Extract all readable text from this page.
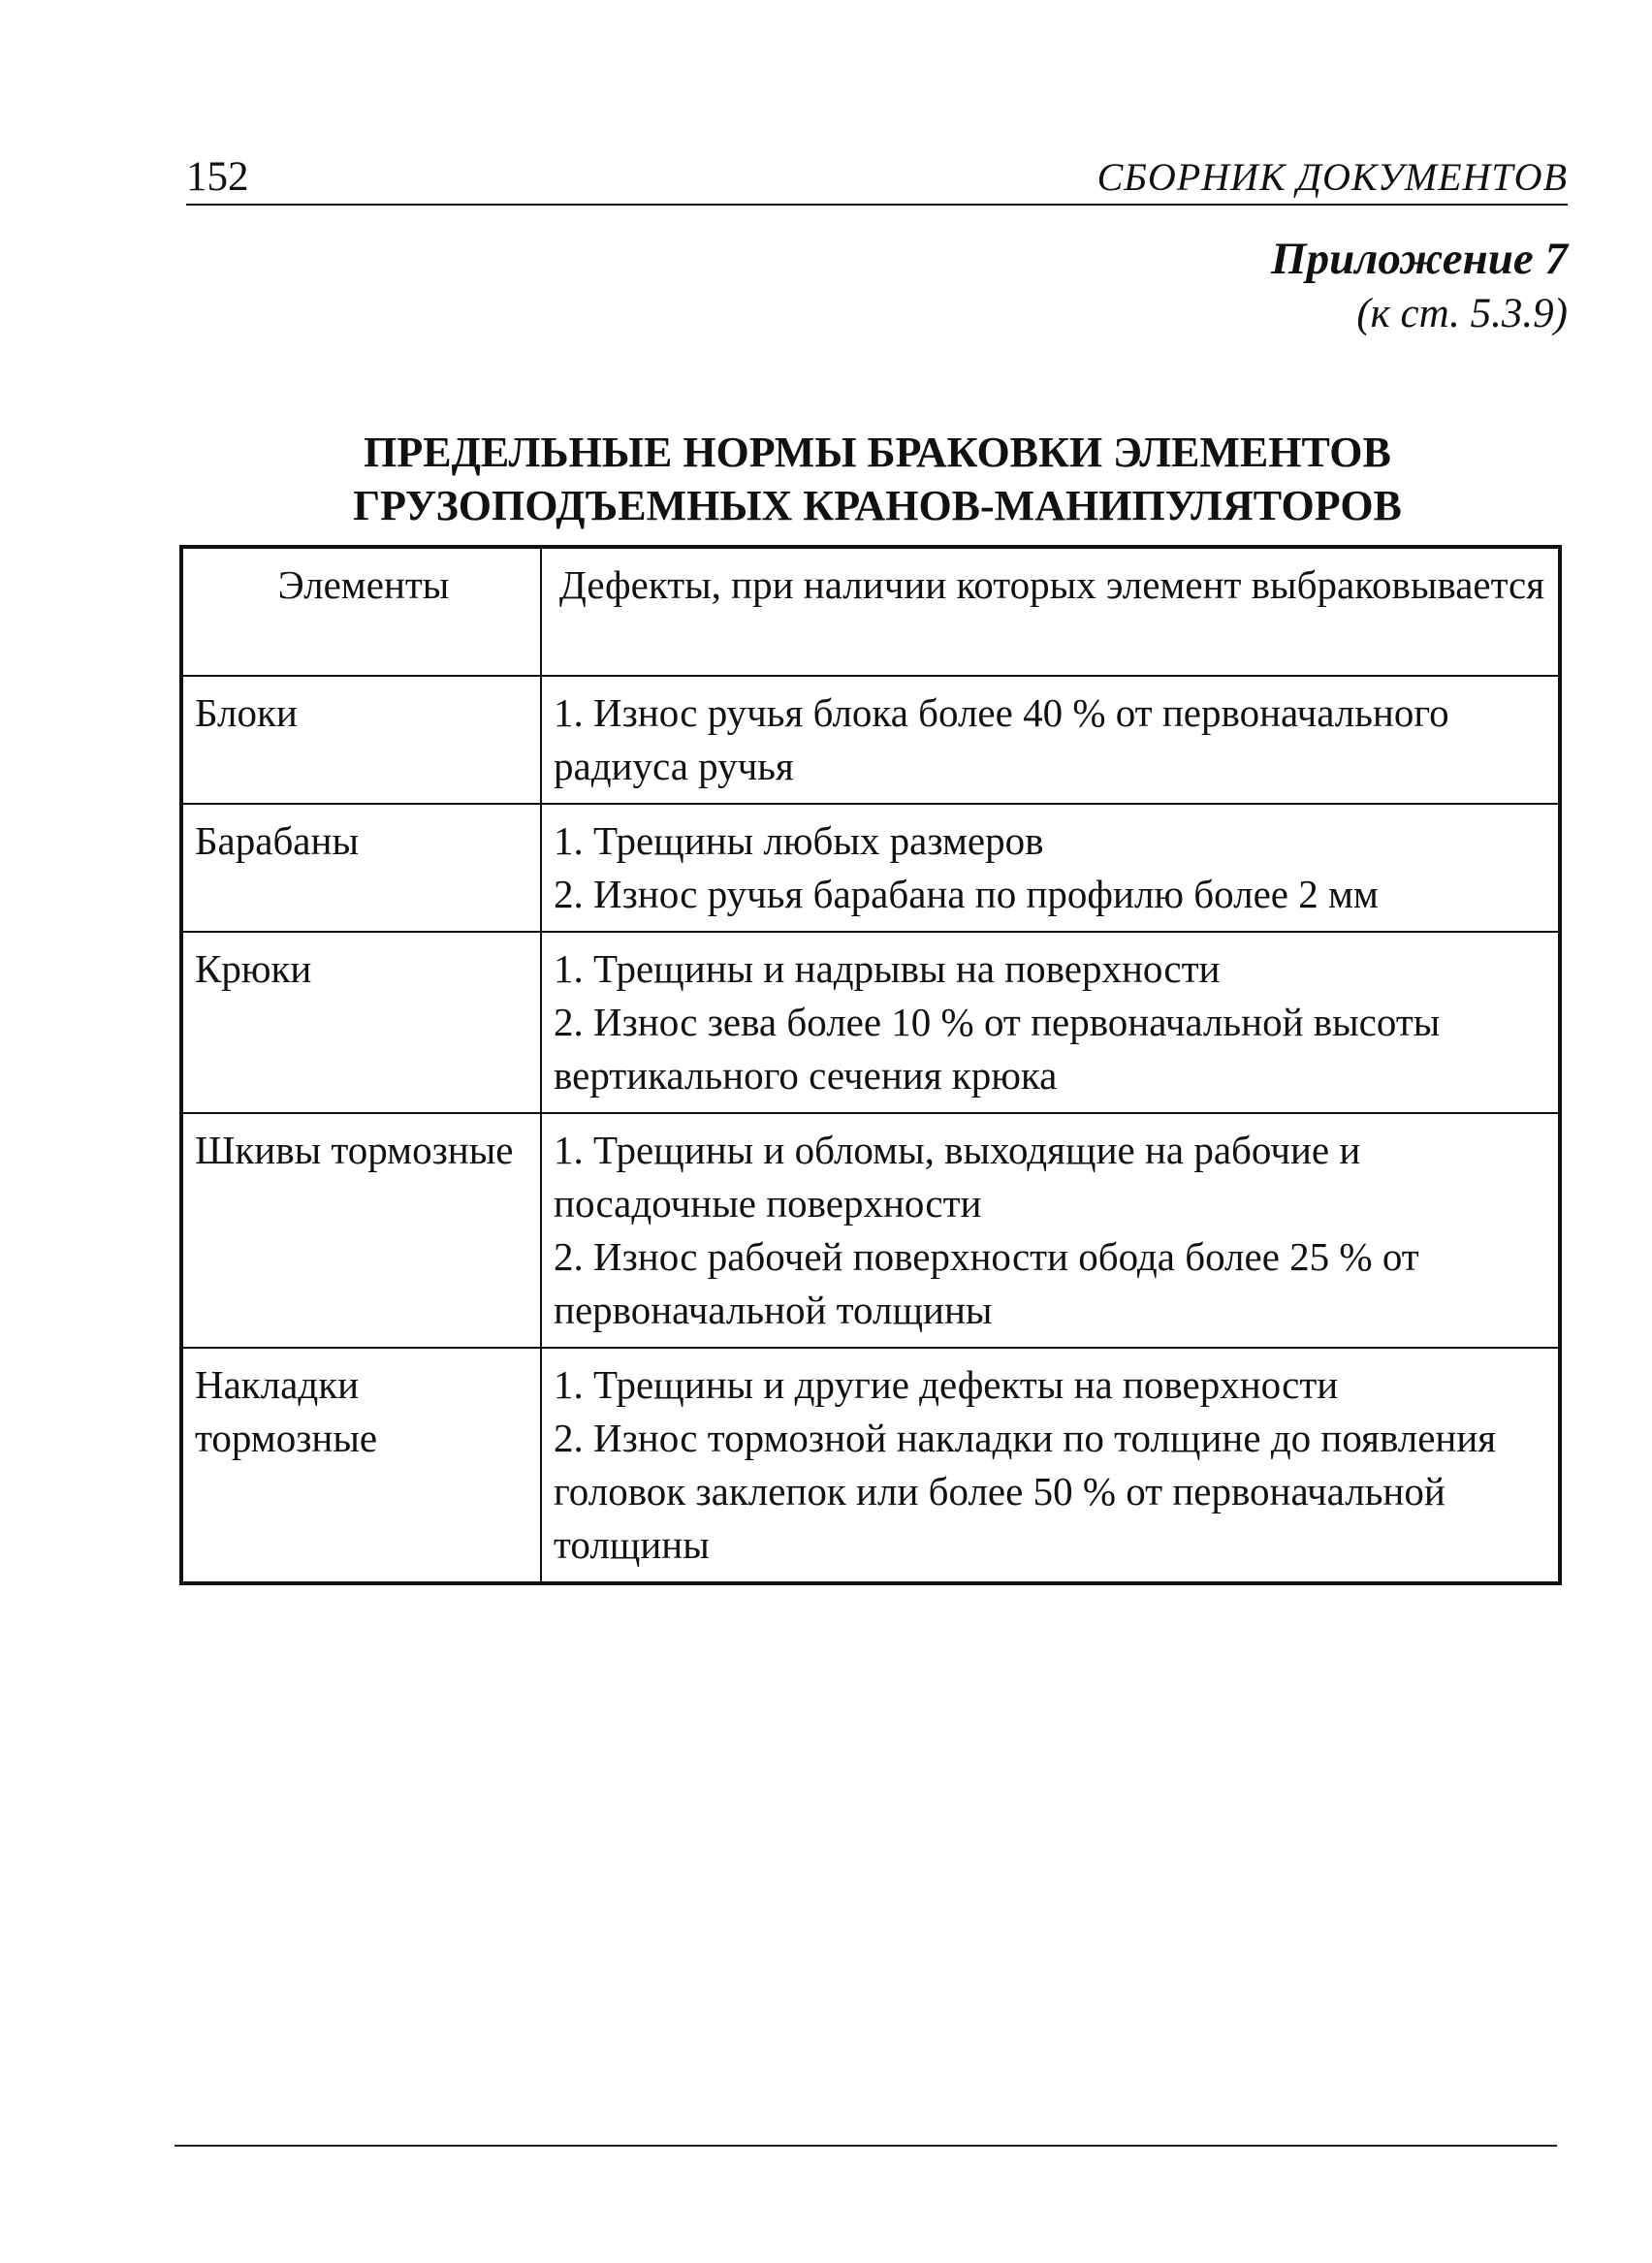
152	СБОРНИК ДОКУМЕНТОВ
Приложение 7
(к ст. 5.3.9)
ПРЕДЕЛЬНЫЕ НОРМЫ БРАКОВКИ ЭЛЕМЕНТОВ
ГРУЗОПОДЪЕМНЫХ КРАНОВ-МАНИПУЛЯТОРОВ
Элементы	Дефекты, при наличии которых элемент выбраковывается
Блоки	1. Износ ручья блока более 40 % от первоначального радиуса ручья

Барабаны	1. Трещины любых размеров
2. Износ ручья барабана по профилю более 2 мм

Крюки	1. Трещины и надрывы на поверхности
2. Износ зева более 10 % от первоначальной высоты вертикального сечения крюка

Шкивы тормозные	1. Трещины и обломы, выходящие на рабочие и посадочные поверхности
2. Износ рабочей поверхности обода более 25 % от первоначальной толщины

Накладки тормозные	1. Трещины и другие дефекты на поверхности
2. Износ тормозной накладки по толщине до появления головок заклепок или более 50 % от первоначальной толщины
